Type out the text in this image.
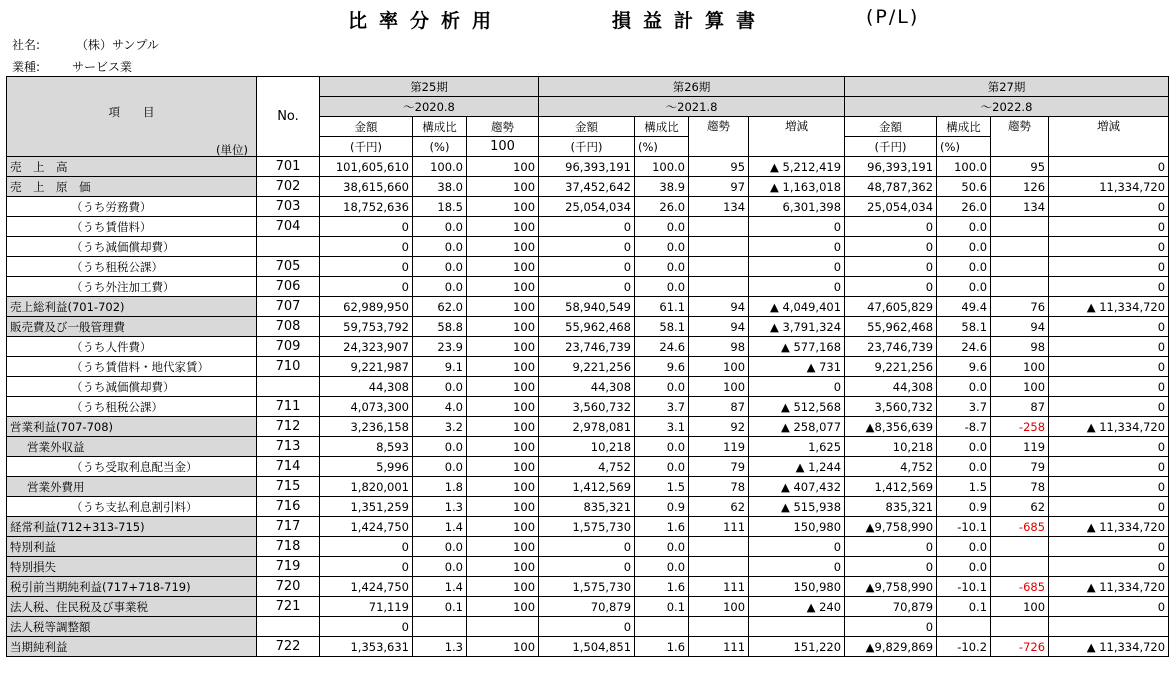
比率分析用	損益計算書	(P/L)
社名:	（株）サンプル
業種:	サービス業
項　　目
(単位)	No.	第25期			第26期				第27期			
		～2020.8			～2021.8				～2022.8			
		金額	構成比	趨勢	金額	構成比	趨勢	増減	金額	構成比	趨勢	増減
		(千円)	(%)	100	(千円)	(%)			(千円)	(%)		
売　上　高	701	101,605,610	100.0	100	96,393,191	100.0	95	▲ 5,212,419	96,393,191	100.0	95	0
売　上　原　価	702	38,615,660	38.0	100	37,452,642	38.9	97	▲ 1,163,018	48,787,362	50.6	126	11,334,720
（うち労務費）	703	18,752,636	18.5	100	25,054,034	26.0	134	6,301,398	25,054,034	26.0	134	0
（うち賃借料）	704	0	0.0	100	0	0.0		0	0	0.0		0
（うち減価償却費）		0	0.0	100	0	0.0		0	0	0.0		0
（うち租税公課）	705	0	0.0	100	0	0.0		0	0	0.0		0
（うち外注加工費）	706	0	0.0	100	0	0.0		0	0	0.0		0
売上総利益(701-702)	707	62,989,950	62.0	100	58,940,549	61.1	94	▲ 4,049,401	47,605,829	49.4	76	▲ 11,334,720
販売費及び一般管理費	708	59,753,792	58.8	100	55,962,468	58.1	94	▲ 3,791,324	55,962,468	58.1	94	0
（うち人件費）	709	24,323,907	23.9	100	23,746,739	24.6	98	▲ 577,168	23,746,739	24.6	98	0
（うち賃借料・地代家賃）	710	9,221,987	9.1	100	9,221,256	9.6	100	▲ 731	9,221,256	9.6	100	0
（うち減価償却費）		44,308	0.0	100	44,308	0.0	100	0	44,308	0.0	100	0
（うち租税公課）	711	4,073,300	4.0	100	3,560,732	3.7	87	▲ 512,568	3,560,732	3.7	87	0
営業利益(707-708)	712	3,236,158	3.2	100	2,978,081	3.1	92	▲ 258,077	▲8,356,639	-8.7	-258	▲ 11,334,720
営業外収益	713	8,593	0.0	100	10,218	0.0	119	1,625	10,218	0.0	119	0
（うち受取利息配当金）	714	5,996	0.0	100	4,752	0.0	79	▲ 1,244	4,752	0.0	79	0
営業外費用	715	1,820,001	1.8	100	1,412,569	1.5	78	▲ 407,432	1,412,569	1.5	78	0
（うち支払利息割引料）	716	1,351,259	1.3	100	835,321	0.9	62	▲ 515,938	835,321	0.9	62	0
経常利益(712+313-715)	717	1,424,750	1.4	100	1,575,730	1.6	111	150,980	▲9,758,990	-10.1	-685	▲ 11,334,720
特別利益	718	0	0.0	100	0	0.0		0	0	0.0		0
特別損失	719	0	0.0	100	0	0.0		0	0	0.0		0
税引前当期純利益(717+718-719)	720	1,424,750	1.4	100	1,575,730	1.6	111	150,980	▲9,758,990	-10.1	-685	▲ 11,334,720
法人税、住民税及び事業税	721	71,119	0.1	100	70,879	0.1	100	▲ 240	70,879	0.1	100	0
法人税等調整額		0			0				0			
当期純利益	722	1,353,631	1.3	100	1,504,851	1.6	111	151,220	▲9,829,869	-10.2	-726	▲ 11,334,720
